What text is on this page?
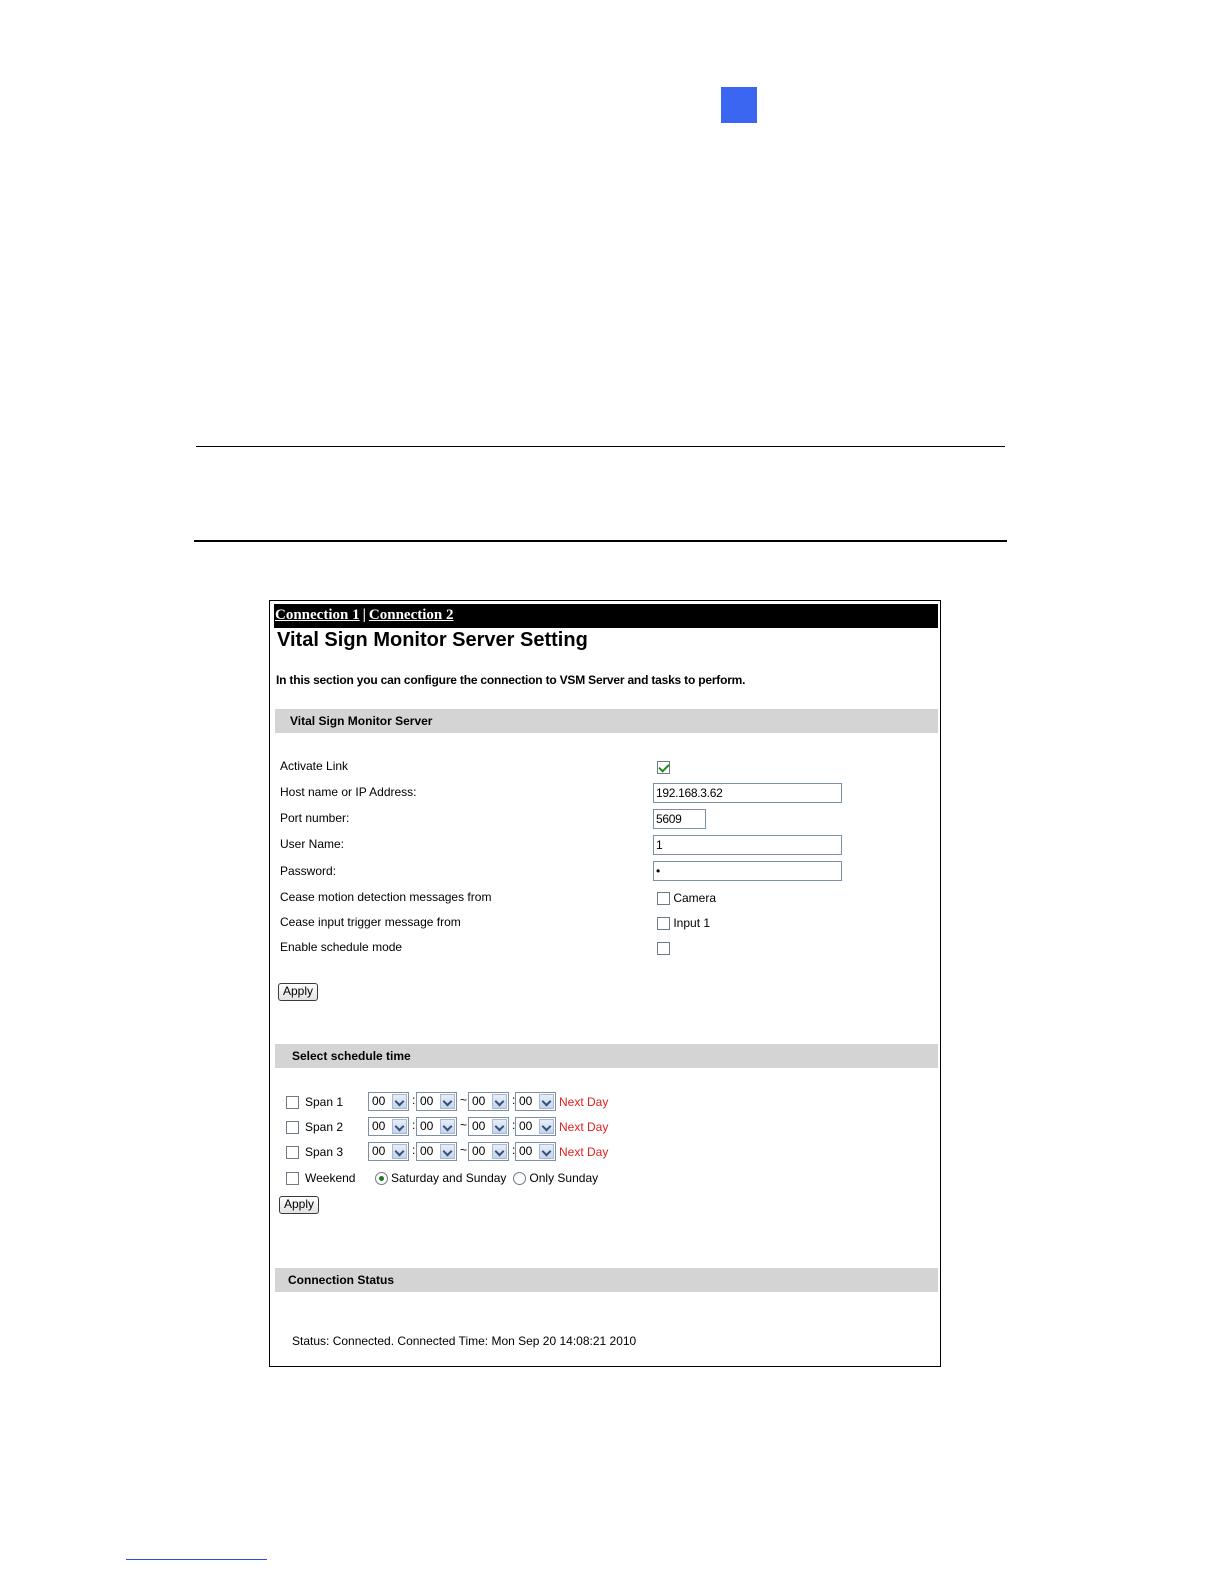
Connection 1 | Connection 2
Vital Sign Monitor Server Setting
In this section you can configure the connection to VSM Server and tasks to perform.
Vital Sign Monitor Server
Activate Link
Host name or IP Address:	192.168.3.62
Port number:	5609
User Name:	1
Password:	•
Cease motion detection messages from	Camera
Cease input trigger message from	Input 1
Enable schedule mode
Apply
Select schedule time
Span 1	00	: 00	~ 00	: 00	Next Day
Span 2	00	: 00	~ 00	: 00	Next Day
Span 3	00	: 00	~ 00	: 00	Next Day
Weekend	Saturday and Sunday	Only Sunday
Apply
Connection Status
Status: Connected. Connected Time: Mon Sep 20 14:08:21 2010
